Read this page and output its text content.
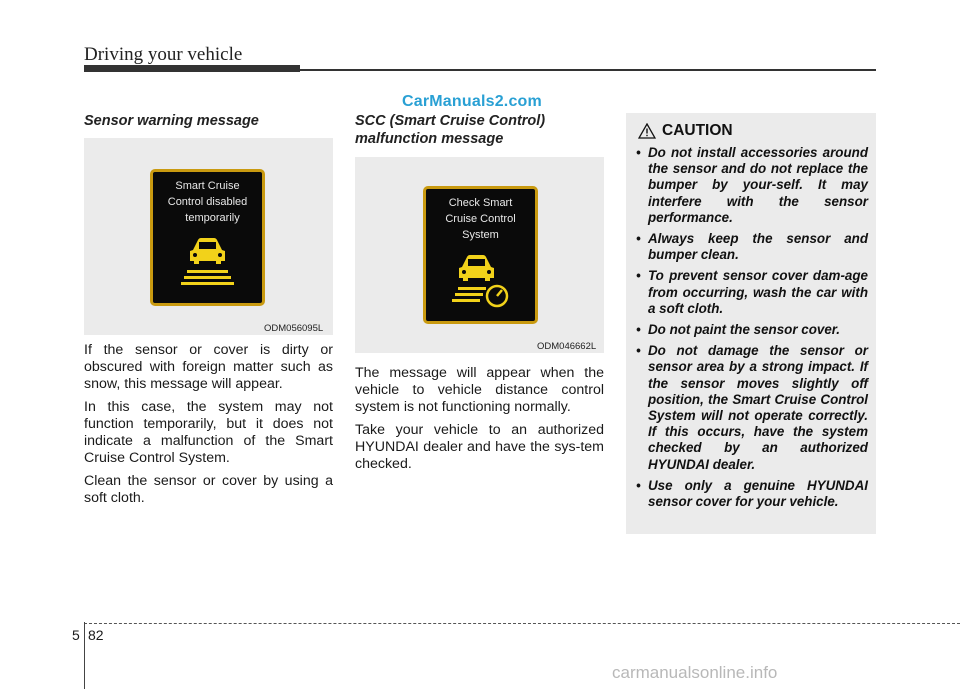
Driving your vehicle
CarManuals2.com
Sensor warning message
Smart Cruise
Control disabled
temporarily
ODM056095L

If the sensor or cover is dirty or obscured with foreign matter such as snow, this message will appear.

In this case, the system may not function temporarily, but it does not indicate a malfunction of the Smart Cruise Control System.

Clean the sensor or cover by using a soft cloth.

SCC (Smart Cruise Control)
malfunction message
Check Smart
Cruise Control
System
ODM046662L

The message will appear when the vehicle to vehicle distance control system is not functioning normally.

Take your vehicle to an authorized HYUNDAI dealer and have the sys-tem checked.

CAUTION
• Do not install accessories around the sensor and do not replace the bumper by your-self. It may interfere with the sensor performance.
• Always keep the sensor and bumper clean.
• To prevent sensor cover dam-age from occurring, wash the car with a soft cloth.
• Do not paint the sensor cover.
• Do not damage the sensor or sensor area by a strong impact. If the sensor moves slightly off position, the Smart Cruise Control System will not operate correctly. If this occurs, have the system checked by an authorized HYUNDAI dealer.
• Use only a genuine HYUNDAI sensor cover for your vehicle.
5 82
carmanualsonline.info
